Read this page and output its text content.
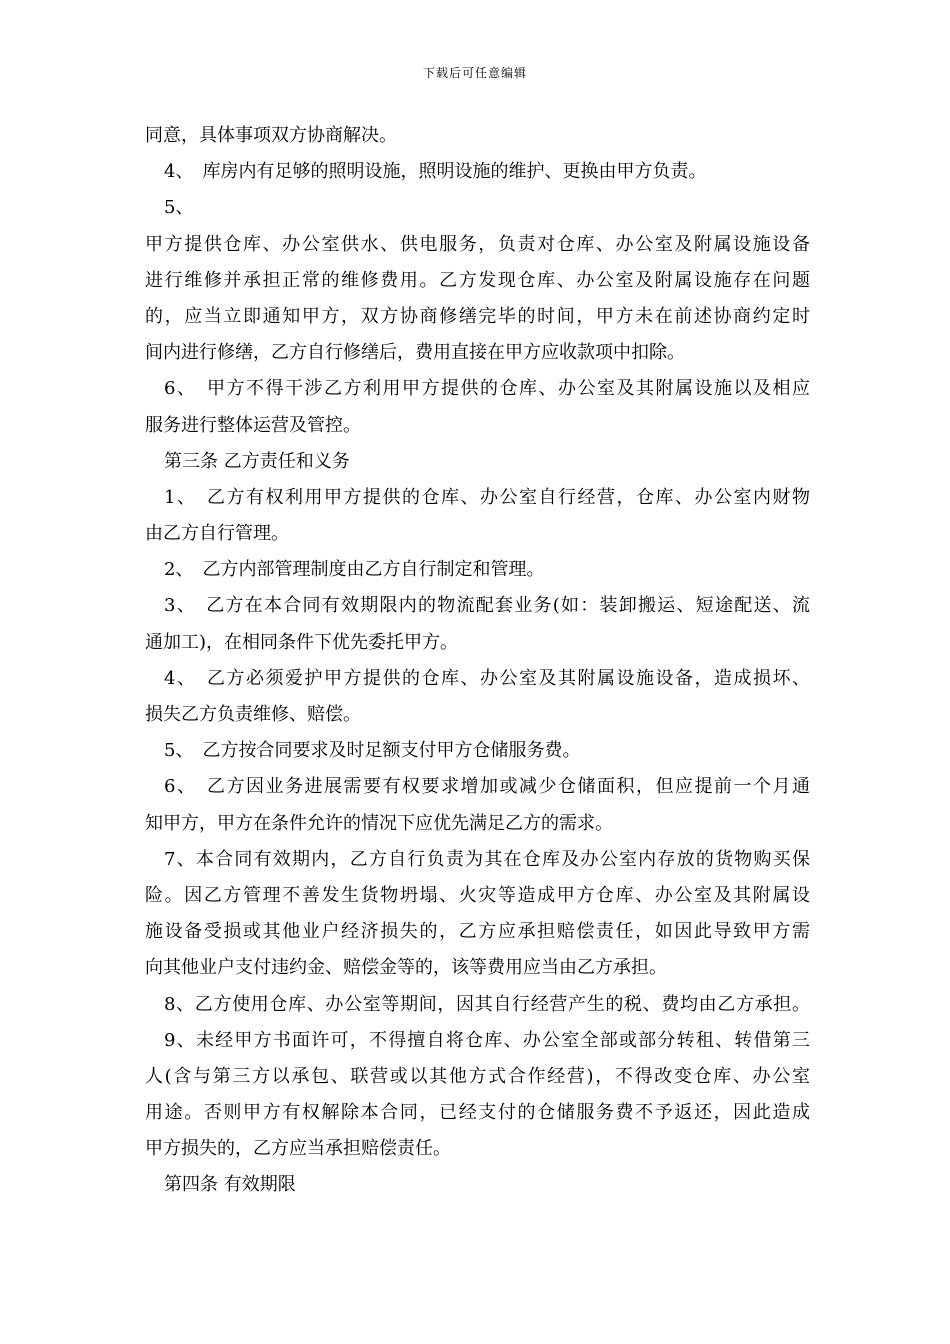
下载后可任意编辑
同意，具体事项双方协商解决。
4、　库房内有足够的照明设施，照明设施的维护、更换由甲方负责。
5、
甲方提供仓库、办公室供水、供电服务，负责对仓库、办公室及附属设施设备
进行维修并承担正常的维修费用。乙方发现仓库、办公室及附属设施存在问题
的，应当立即通知甲方，双方协商修缮完毕的时间，甲方未在前述协商约定时
间内进行修缮，乙方自行修缮后，费用直接在甲方应收款项中扣除。
6、　甲方不得干涉乙方利用甲方提供的仓库、办公室及其附属设施以及相应
服务进行整体运营及管控。
第三条 乙方责任和义务
1、　乙方有权利用甲方提供的仓库、办公室自行经营，仓库、办公室内财物
由乙方自行管理。
2、　乙方内部管理制度由乙方自行制定和管理。
3、　乙方在本合同有效期限内的物流配套业务(如：装卸搬运、短途配送、流
通加工)，在相同条件下优先委托甲方。
4、　乙方必须爱护甲方提供的仓库、办公室及其附属设施设备，造成损坏、
损失乙方负责维修、赔偿。
5、　乙方按合同要求及时足额支付甲方仓储服务费。
6、　乙方因业务进展需要有权要求增加或减少仓储面积，但应提前一个月通
知甲方，甲方在条件允许的情况下应优先满足乙方的需求。
7、本合同有效期内，乙方自行负责为其在仓库及办公室内存放的货物购买保
险。因乙方管理不善发生货物坍塌、火灾等造成甲方仓库、办公室及其附属设
施设备受损或其他业户经济损失的，乙方应承担赔偿责任，如因此导致甲方需
向其他业户支付违约金、赔偿金等的，该等费用应当由乙方承担。
8、乙方使用仓库、办公室等期间，因其自行经营产生的税、费均由乙方承担。
9、未经甲方书面许可，不得擅自将仓库、办公室全部或部分转租、转借第三
人(含与第三方以承包、联营或以其他方式合作经营)，不得改变仓库、办公室
用途。否则甲方有权解除本合同，已经支付的仓储服务费不予返还，因此造成
甲方损失的，乙方应当承担赔偿责任。
第四条 有效期限
